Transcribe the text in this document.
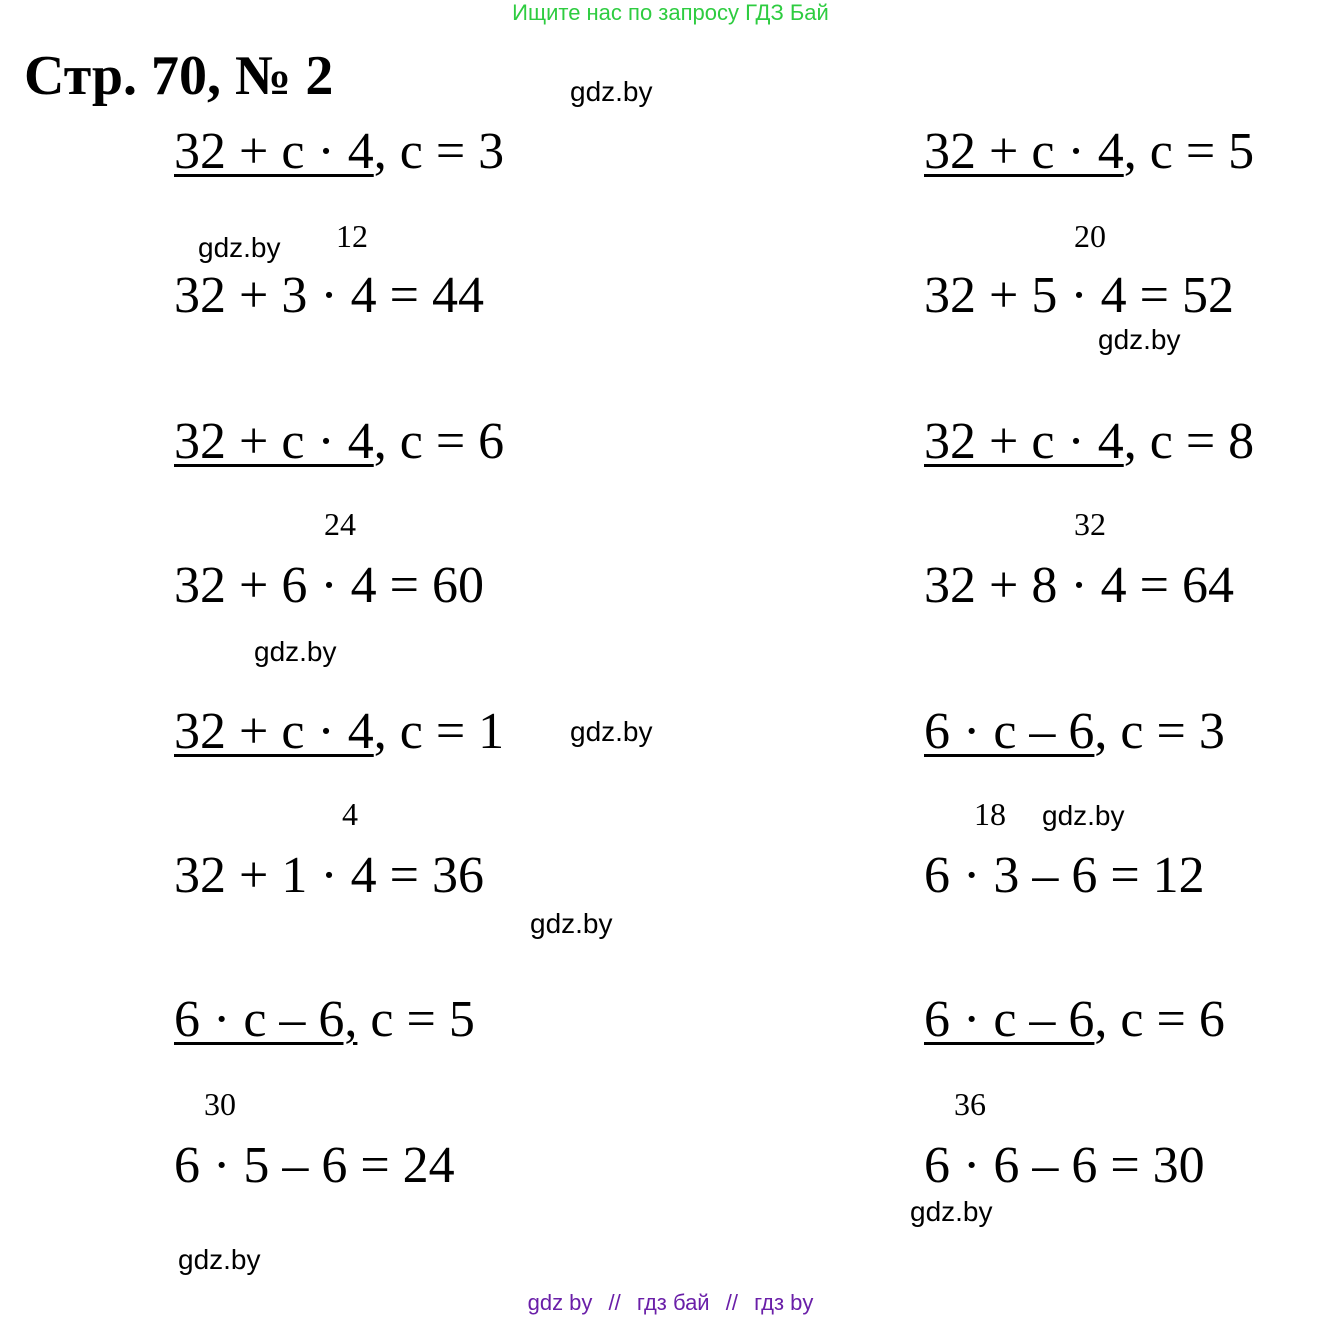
Ищите нас по запросу ГДЗ Бай
Стр. 70, № 2	gdz.by
gdz.by
gdz.by
gdz.by
gdz.by
gdz.by
gdz.by
gdz.by
gdz.by
32 + c · 4, c = 3
12
32 + 3 · 4 = 44
32 + c · 4, c = 5
20
32 + 5 · 4 = 52
32 + c · 4, c = 6
24
32 + 6 · 4 = 60
32 + c · 4, c = 8
32
32 + 8 · 4 = 64
32 + c · 4, c = 1
4
32 + 1 · 4 = 36
6 · c – 6, c = 3
18
6 · 3 – 6 = 12
6 · c – 6, c = 5
30
6 · 5 – 6 = 24
6 · c – 6, c = 6
36
6 · 6 – 6 = 30
gdz by // гдз бай // гдз by
